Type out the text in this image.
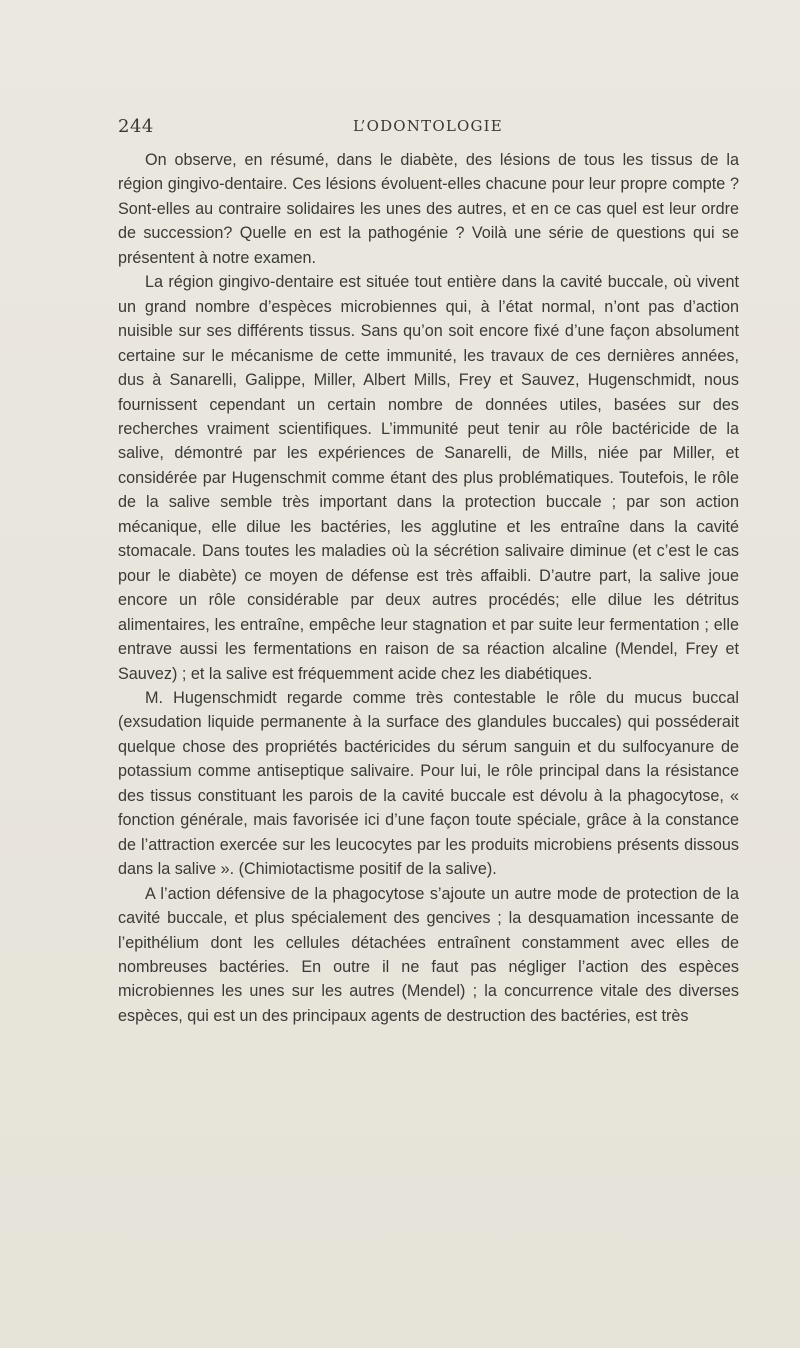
244	L’ODONTOLOGIE

On observe, en résumé, dans le diabète, des lésions de tous les tissus de la région gingivo-dentaire. Ces lésions évoluent-elles chacune pour leur propre compte ? Sont-elles au contraire solidaires les unes des autres, et en ce cas quel est leur ordre de succession? Quelle en est la pathogénie ? Voilà une série de questions qui se présentent à notre examen.

La région gingivo-dentaire est située tout entière dans la cavité buccale, où vivent un grand nombre d’espèces microbiennes qui, à l’état normal, n’ont pas d’action nuisible sur ses différents tissus. Sans qu’on soit encore fixé d’une façon absolument certaine sur le mécanisme de cette immunité, les travaux de ces dernières années, dus à Sanarelli, Galippe, Miller, Albert Mills, Frey et Sauvez, Hugenschmidt, nous fournissent cependant un certain nombre de données utiles, basées sur des recherches vraiment scientifiques. L’immunité peut tenir au rôle bactéricide de la salive, démontré par les expériences de Sanarelli, de Mills, niée par Miller, et considérée par Hugenschmit comme étant des plus problématiques. Toutefois, le rôle de la salive semble très important dans la protection buccale ; par son action mécanique, elle dilue les bactéries, les agglutine et les entraîne dans la cavité stomacale. Dans toutes les maladies où la sécrétion salivaire diminue (et c’est le cas pour le diabète) ce moyen de défense est très affaibli. D’autre part, la salive joue encore un rôle considérable par deux autres procédés; elle dilue les détritus alimentaires, les entraîne, empêche leur stagnation et par suite leur fermentation ; elle entrave aussi les fermentations en raison de sa réaction alcaline (Mendel, Frey et Sauvez) ; et la salive est fréquemment acide chez les diabétiques.

M. Hugenschmidt regarde comme très contestable le rôle du mucus buccal (exsudation liquide permanente à la surface des glandules buccales) qui posséderait quelque chose des propriétés bactéricides du sérum sanguin et du sulfocyanure de potassium comme antiseptique salivaire. Pour lui, le rôle principal dans la résistance des tissus constituant les parois de la cavité buccale est dévolu à la phagocytose, « fonction générale, mais favorisée ici d’une façon toute spéciale, grâce à la constance de l’attraction exercée sur les leucocytes par les produits microbiens présents dissous dans la salive ». (Chimiotactisme positif de la salive).

A l’action défensive de la phagocytose s’ajoute un autre mode de protection de la cavité buccale, et plus spécialement des gencives ; la desquamation incessante de l’epithélium dont les cellules détachées entraînent constamment avec elles de nombreuses bactéries. En outre il ne faut pas négliger l’action des espèces microbiennes les unes sur les autres (Mendel) ; la concurrence vitale des diverses espèces, qui est un des principaux agents de destruction des bactéries, est très
